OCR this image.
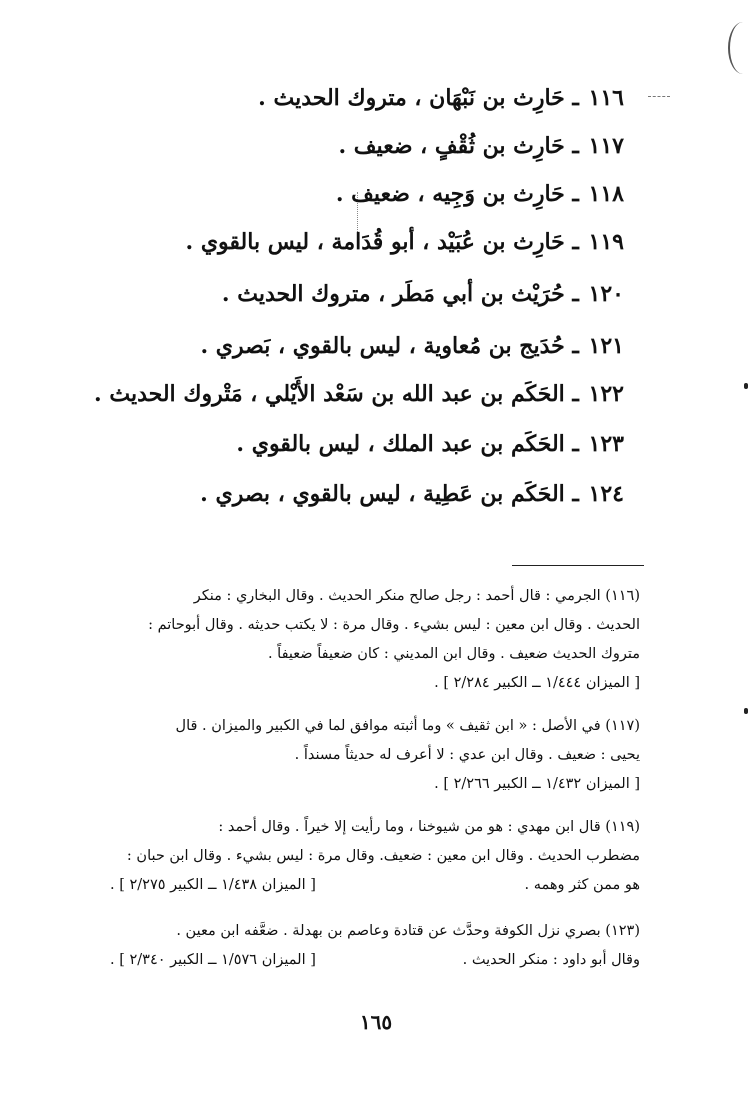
١١٦ ـ حَارِث بن نَبْهَان ، متروك الحديث .
١١٧ ـ حَارِث بن ثُقْفٍ ، ضعيف .
١١٨ ـ حَارِث بن وَجِيه ، ضعيف .
١١٩ ـ حَارِث بن عُبَيْد ، أبو قُدَامة ، ليس بالقوي .
١٢٠ ـ حُرَيْث بن أبي مَطَر ، متروك الحديث .
١٢١ ـ حُدَيج بن مُعاوية ، ليس بالقوي ، بَصري .
١٢٢ ـ الحَكَم بن عبد الله بن سَعْد الأَيْلي ، مَتْروك الحديث .
١٢٣ ـ الحَكَم بن عبد الملك ، ليس بالقوي .
١٢٤ ـ الحَكَم بن عَطِية ، ليس بالقوي ، بصري .

(١١٦) الجرمي : قال أحمد : رجل صالح منكر الحديث . وقال البخاري : منكر

الحديث . وقال ابن معين : ليس بشيء . وقال مرة : لا يكتب حديثه . وقال أبوحاتم :

متروك الحديث ضعيف . وقال ابن المديني : كان ضعيفاً ضعيفاً .

[ الميزان ١/٤٤٤ ــ الكبير ٢/٢٨٤ ] .

(١١٧) في الأصل : « ابن ثقيف » وما أثبته موافق لما في الكبير والميزان . قال

يحيى : ضعيف . وقال ابن عدي : لا أعرف له حديثاً مسنداً .

[ الميزان ١/٤٣٢ ــ الكبير ٢/٢٦٦ ] .

(١١٩) قال ابن مهدي : هو من شيوخنا ، وما رأيت إلا خيراً . وقال أحمد :

مضطرب الحديث . وقال ابن معين : ضعيف. وقال مرة : ليس بشيء . وقال ابن حبان :

هو ممن كثر وهمه .
[ الميزان ١/٤٣٨ ــ الكبير ٢/٢٧٥ ] .

(١٢٣) بصري نزل الكوفة وحدَّث عن قتادة وعاصم بن بهدلة . ضعَّفه ابن معين .

وقال أبو داود : منكر الحديث .
[ الميزان ١/٥٧٦ ــ الكبير ٢/٣٤٠ ] .

١٦٥
